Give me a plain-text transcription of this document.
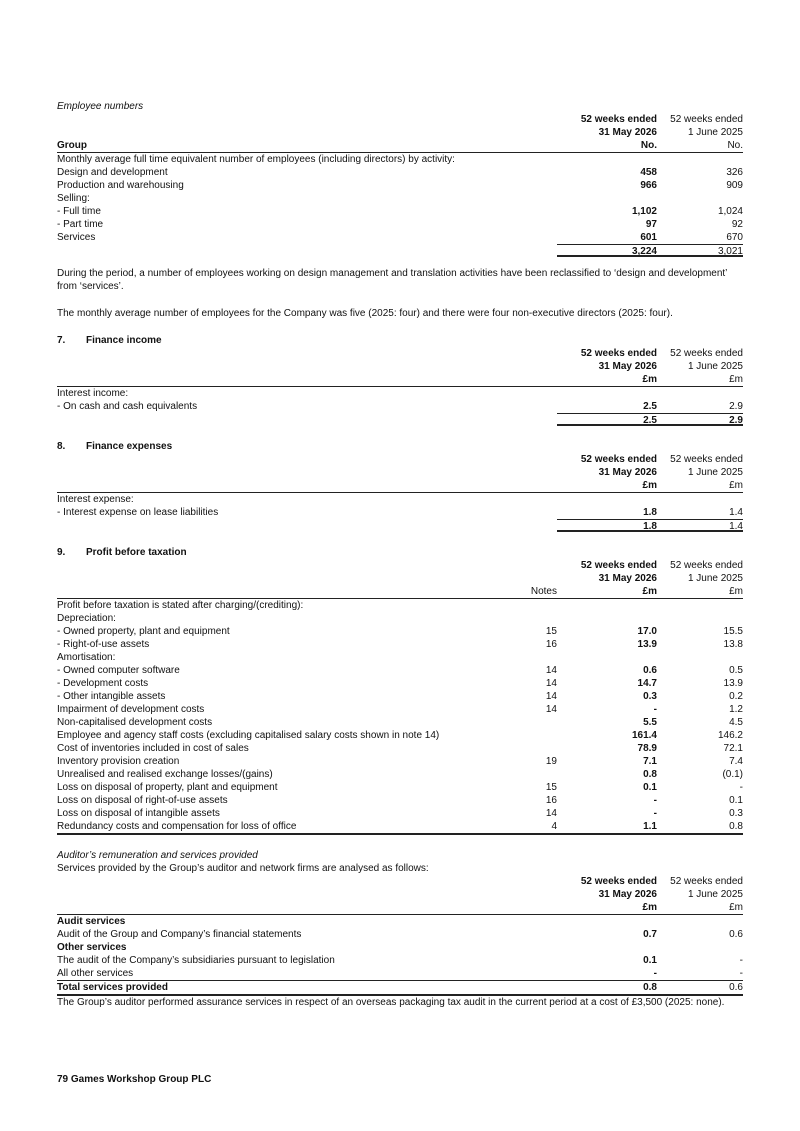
Employee numbers
52 weeks ended	52 weeks ended
31 May 2026	1 June 2025
Group	No.	No.
Monthly average full time equivalent number of employees (including directors) by activity:
Design and development	458	326
Production and warehousing	966	909
Selling:
- Full time	1,102	1,024
- Part time	97	92
Services	601	670
3,224	3,021
During the period, a number of employees working on design management and translation activities have been reclassified to ‘design and development’ from ‘services’.
The monthly average number of employees for the Company was five (2025: four) and there were four non-executive directors (2025: four).
7.	Finance income
52 weeks ended	52 weeks ended
31 May 2026	1 June 2025
£m	£m
Interest income:
- On cash and cash equivalents	2.5	2.9
2.5	2.9
8.	Finance expenses
52 weeks ended	52 weeks ended
31 May 2026	1 June 2025
£m	£m
Interest expense:
- Interest expense on lease liabilities	1.8	1.4
1.8	1.4
9.	Profit before taxation
52 weeks ended	52 weeks ended
31 May 2026	1 June 2025
Notes	£m	£m
Profit before taxation is stated after charging/(crediting):
Depreciation:
- Owned property, plant and equipment	15	17.0	15.5
- Right-of-use assets	16	13.9	13.8
Amortisation:
- Owned computer software	14	0.6	0.5
- Development costs	14	14.7	13.9
- Other intangible assets	14	0.3	0.2
Impairment of development costs	14	-	1.2
Non-capitalised development costs	5.5	4.5
Employee and agency staff costs (excluding capitalised salary costs shown in note 14)	161.4	146.2
Cost of inventories included in cost of sales	78.9	72.1
Inventory provision creation	19	7.1	7.4
Unrealised and realised exchange losses/(gains)	0.8	(0.1)
Loss on disposal of property, plant and equipment	15	0.1	-
Loss on disposal of right-of-use assets	16	-	0.1
Loss on disposal of intangible assets	14	-	0.3
Redundancy costs and compensation for loss of office	4	1.1	0.8
Auditor’s remuneration and services provided
Services provided by the Group’s auditor and network firms are analysed as follows:
52 weeks ended	52 weeks ended
31 May 2026	1 June 2025
£m	£m
Audit services
Audit of the Group and Company’s financial statements	0.7	0.6
Other services
The audit of the Company’s subsidiaries pursuant to legislation	0.1	-
All other services	-	-
Total services provided	0.8	0.6
The Group’s auditor performed assurance services in respect of an overseas packaging tax audit in the current period at a cost of £3,500 (2025: none).
79 Games Workshop Group PLC
